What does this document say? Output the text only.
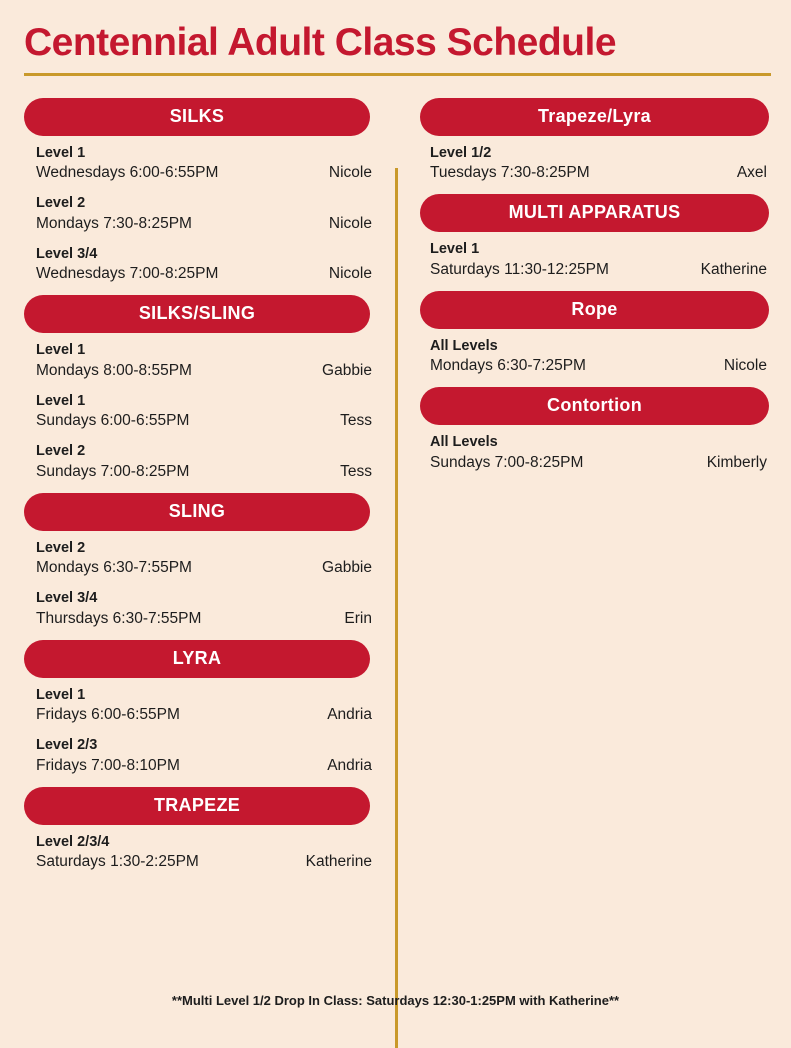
Centennial Adult Class Schedule
SILKS
Level 1
Wednesdays 6:00-6:55PM	Nicole
Level 2
Mondays 7:30-8:25PM	Nicole
Level 3/4
Wednesdays 7:00-8:25PM	Nicole
SILKS/SLING
Level 1
Mondays 8:00-8:55PM	Gabbie
Level 1
Sundays 6:00-6:55PM	Tess
Level 2
Sundays 7:00-8:25PM	Tess
SLING
Level 2
Mondays 6:30-7:55PM	Gabbie
Level 3/4
Thursdays 6:30-7:55PM	Erin
LYRA
Level 1
Fridays 6:00-6:55PM	Andria
Level 2/3
Fridays 7:00-8:10PM	Andria
TRAPEZE
Level 2/3/4
Saturdays 1:30-2:25PM	Katherine
Trapeze/Lyra
Level 1/2
Tuesdays 7:30-8:25PM	Axel
MULTI APPARATUS
Level 1
Saturdays 11:30-12:25PM	Katherine
Rope
All Levels
Mondays 6:30-7:25PM	Nicole
Contortion
All Levels
Sundays 7:00-8:25PM	Kimberly
**Multi Level 1/2 Drop In Class: Saturdays 12:30-1:25PM with Katherine**
